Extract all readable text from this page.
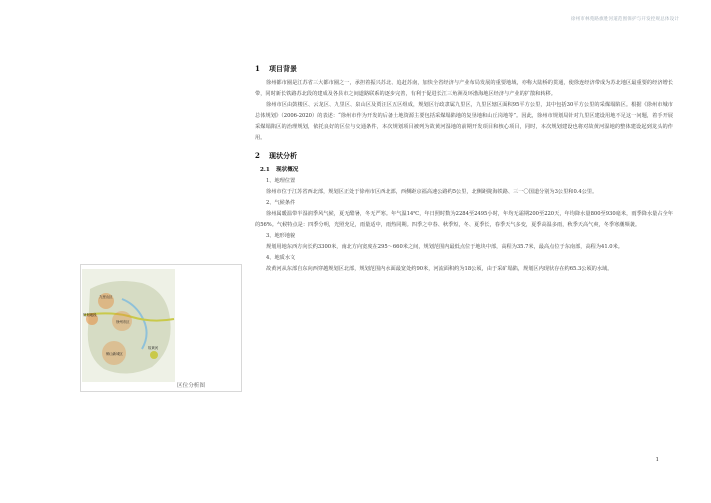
徐州市林苑路旗胜河道范围保护与开发控规总体设计
1 项目背景

徐州都市圈是江苏省三大都市圈之一，承担着振兴苏北、追赶苏南，加快全省经济与产业布局发展的重要地域，亦称大陆桥的贯通，使徐连经济带成为苏北地区最重要的经济增长带，同时新长铁路苏北段的建成及各县市之间道路联系的逐步完善，有利于促进长江三角洲及环渤海地区经济与产业的扩散和转移。

徐州市区由鼓楼区、云龙区、九里区、泉山区及贾汪区五区组成，规划区行政隶属九里区，九里区辖区面积95平方公里，其中包括30平方公里的采煤塌陷区。根据《徐州市城市总体规划》（2006-2020）的表述：“徐州市作为开发的后备土地资源主要包括采煤塌陷地的复垦地和山丘岗地等”。因此，徐州市规划局针对九里区建设用地不足这一问题，着手开展采煤塌陷区的治理规划，依托良好的区位与交通条件，本次规划项目被列为故黄河湿地的前期开发项目和核心项目，同时，本次规划建设也将对故黄河湿地的整体建设起到龙头的作用。

2 现状分析
2.1 现状概况

1、地理位置

徐州市位于江苏省西北部，规划区正处于徐州市区西北部，西侧距京福高速公路约5公里，北侧距陇海铁路、三一〇国道分别为3公里和0.4公里。

2、气候条件

徐州属暖温带半湿润季风气候，夏无酷暑，冬无严寒。年气温14℃，年日照时数为2284至2495小时，年均无霜期200至220天，年均降水量800至930毫米，雨季降水量占全年的56%。气候特点是：四季分明，光照充足，雨量适中，雨热同期。四季之中春、秋季短，冬、夏季长，春季天气多变，夏季高温多雨，秋季天高气爽，冬季寒潮频袭。

3、地形地貌

规划用地东西方向长约3300米，南北方向宽度在295～660米之间，规划范围内最低点位于地块中部，高程为35.7米，最高点位于东南部，高程为41.0米。

4、地质水文

故黄河从东部自东向西穿越规划区北部，规划范围内水面最宽处约90米，河流面积约为18公顷，由于采矿塌陷，规划区内现状存在约65.3公顷的水域。

九里山区
规划地段
徐州市区
铜山新城区
故黄河
区位分析图
1
